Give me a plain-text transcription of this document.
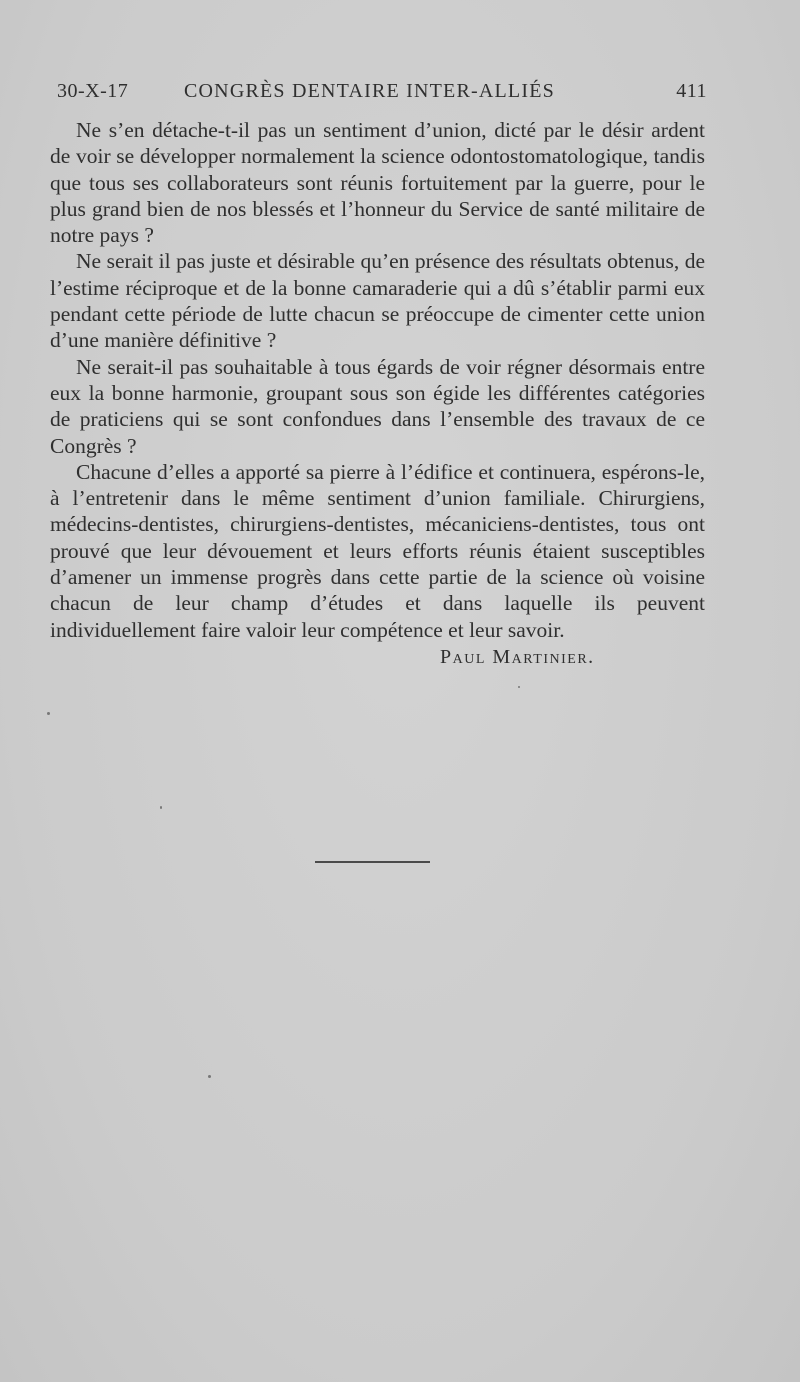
30-X-17	CONGRÈS DENTAIRE INTER-ALLIÉS	411

Ne s’en détache-t-il pas un sentiment d’union, dicté par le désir ardent de voir se développer normalement la science odontostomatologique, tandis que tous ses collaborateurs sont réunis fortuitement par la guerre, pour le plus grand bien de nos blessés et l’honneur du Service de santé militaire de notre pays ?

Ne serait il pas juste et désirable qu’en présence des résultats obtenus, de l’estime réciproque et de la bonne camaraderie qui a dû s’établir parmi eux pendant cette période de lutte chacun se préoccupe de cimenter cette union d’une manière définitive ?

Ne serait-il pas souhaitable à tous égards de voir régner désormais entre eux la bonne harmonie, groupant sous son égide les différentes catégories de praticiens qui se sont confondues dans l’ensemble des travaux de ce Congrès ?

Chacune d’elles a apporté sa pierre à l’édifice et continuera, espérons-le, à l’entretenir dans le même sentiment d’union familiale. Chirurgiens, médecins-dentistes, chirurgiens-dentistes, mécaniciens-dentistes, tous ont prouvé que leur dévouement et leurs efforts réunis étaient susceptibles d’amener un immense progrès dans cette partie de la science où voisine chacun de leur champ d’études et dans laquelle ils peuvent individuellement faire valoir leur compétence et leur savoir.

Paul Martinier.
